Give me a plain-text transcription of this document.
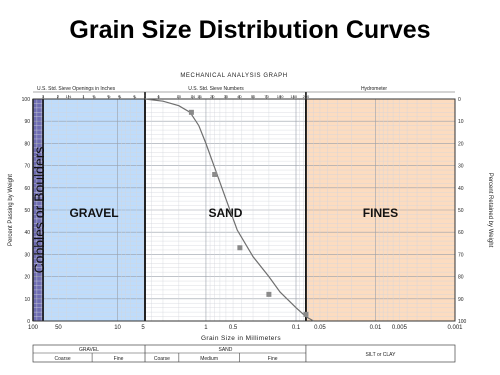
Grain Size Distribution Curves
Cobbles or Boulders GRAVEL	SAND	FINES
MECHANICAL ANALYSIS GRAPH
U.S. Std. Sieve Openings in Inches	U.S. Std. Sieve Numbers	Hydrometer
3	2 1½	1 ¾	½ ⅜	¼ 4	6	10 14 16 20 30 40 50 70 100 140 200
0
10
20
30
40
50
60
70
80
90
100
100
90
80
70
60
50
40
30
20
10
0
Percent Passing by Weight	Percent Retained by Weight
100	50	10	5	1	0.5	0.1 0.05	0.01 0.005	0.001
Grain Size in Millimeters
GRAVEL
Coarse	Fine
SAND
Coarse	Medium	Fine
SILT or CLAY
